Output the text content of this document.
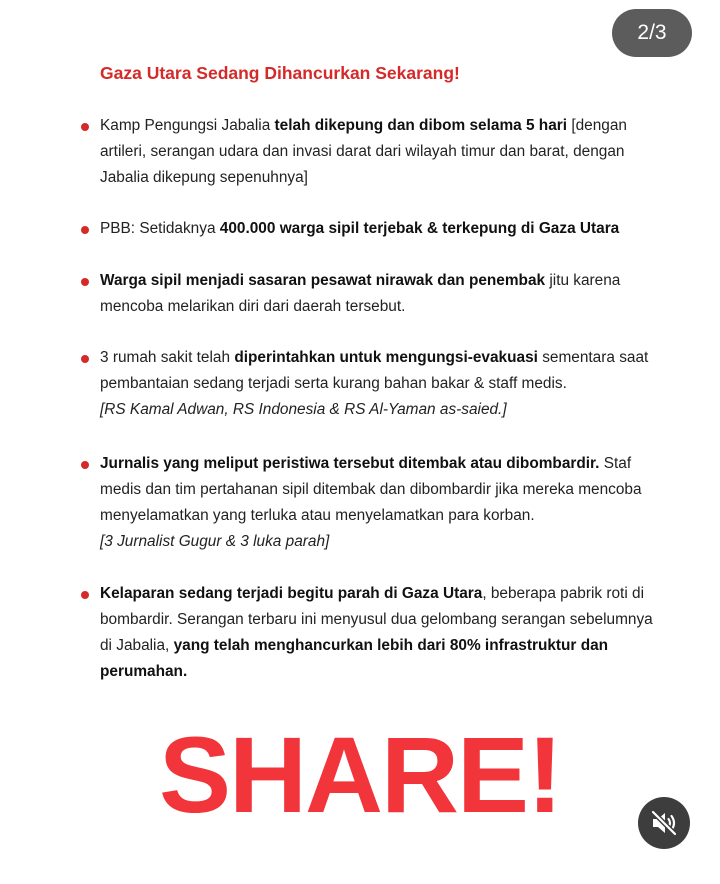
2/3
Gaza Utara Sedang Dihancurkan Sekarang!

Kamp Pengungsi Jabalia telah dikepung dan dibom selama 5 hari [dengan artileri, serangan udara dan invasi darat dari wilayah timur dan barat, dengan Jabalia dikepung sepenuhnya]

PBB: Setidaknya 400.000 warga sipil terjebak & terkepung di Gaza Utara

Warga sipil menjadi sasaran pesawat nirawak dan penembak jitu karena mencoba melarikan diri dari daerah tersebut.

3 rumah sakit telah diperintahkan untuk mengungsi-evakuasi sementara saat pembantaian sedang terjadi serta kurang bahan bakar & staff medis.
[RS Kamal Adwan, RS Indonesia & RS Al-Yaman as-saied.]

Jurnalis yang meliput peristiwa tersebut ditembak atau dibombardir. Staf medis dan tim pertahanan sipil ditembak dan dibombardir jika mereka mencoba menyelamatkan yang terluka atau menyelamatkan para korban.
[3 Jurnalist Gugur & 3 luka parah]

Kelaparan sedang terjadi begitu parah di Gaza Utara, beberapa pabrik roti di bombardir. Serangan terbaru ini menyusul dua gelombang serangan sebelumnya di Jabalia, yang telah menghancurkan lebih dari 80% infrastruktur dan perumahan.

SHARE!
